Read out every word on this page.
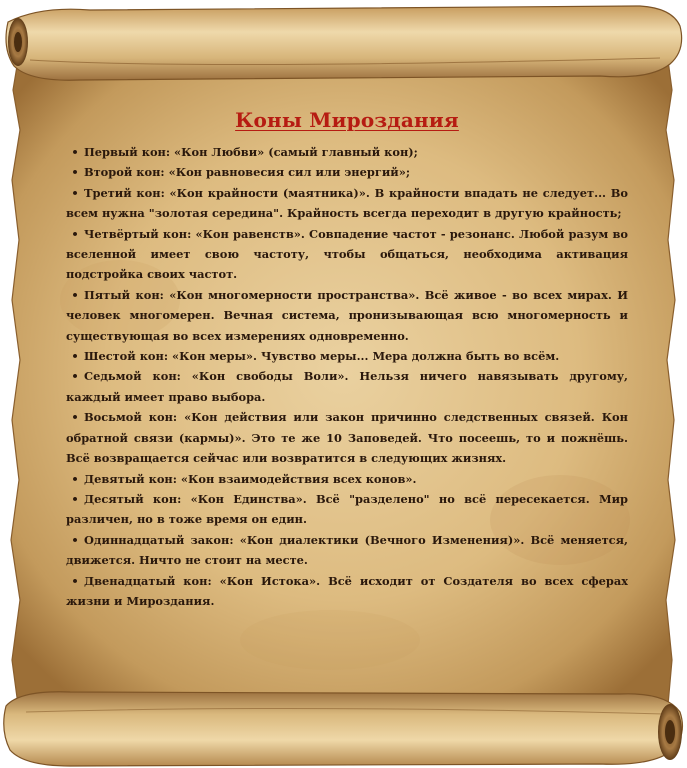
Коны Мироздания
• Первый кон: «Кон Любви» (самый главный кон);
• Второй кон: «Кон равновесия сил или энергий»;
• Третий кон: «Кон крайности (маятника)». В крайности впадать не следует... Во всем нужна "золотая середина". Крайность всегда переходит в другую крайность;
• Четвёртый кон: «Кон равенств». Совпадение частот - резонанс. Любой разум во вселенной имеет свою частоту, чтобы общаться, необходима активация подстройка своих частот.
• Пятый кон: «Кон многомерности пространства». Всё живое - во всех мирах. И человек многомерен. Вечная система, пронизывающая всю многомерность и существующая во всех измерениях одновременно.
• Шестой кон: «Кон меры». Чувство меры... Мера должна быть во всём.
• Седьмой кон: «Кон свободы Воли». Нельзя ничего навязывать другому, каждый имеет право выбора.
• Восьмой кон: «Кон действия или закон причинно следственных связей. Кон обратной связи (кармы)». Это те же 10 Заповедей. Что посеешь, то и пожнёшь. Всё возвращается сейчас или возвратится в следующих жизнях.
• Девятый кон: «Кон взаимодействия всех конов».
• Десятый кон: «Кон Единства». Всё "разделено" но всё пересекается. Мир различен, но в тоже время он един.
• Одиннадцатый закон: «Кон диалектики (Вечного Изменения)». Всё меняется, движется. Ничто не стоит на месте.
• Двенадцатый кон: «Кон Истока». Всё исходит от Создателя во всех сферах жизни и Мироздания.
